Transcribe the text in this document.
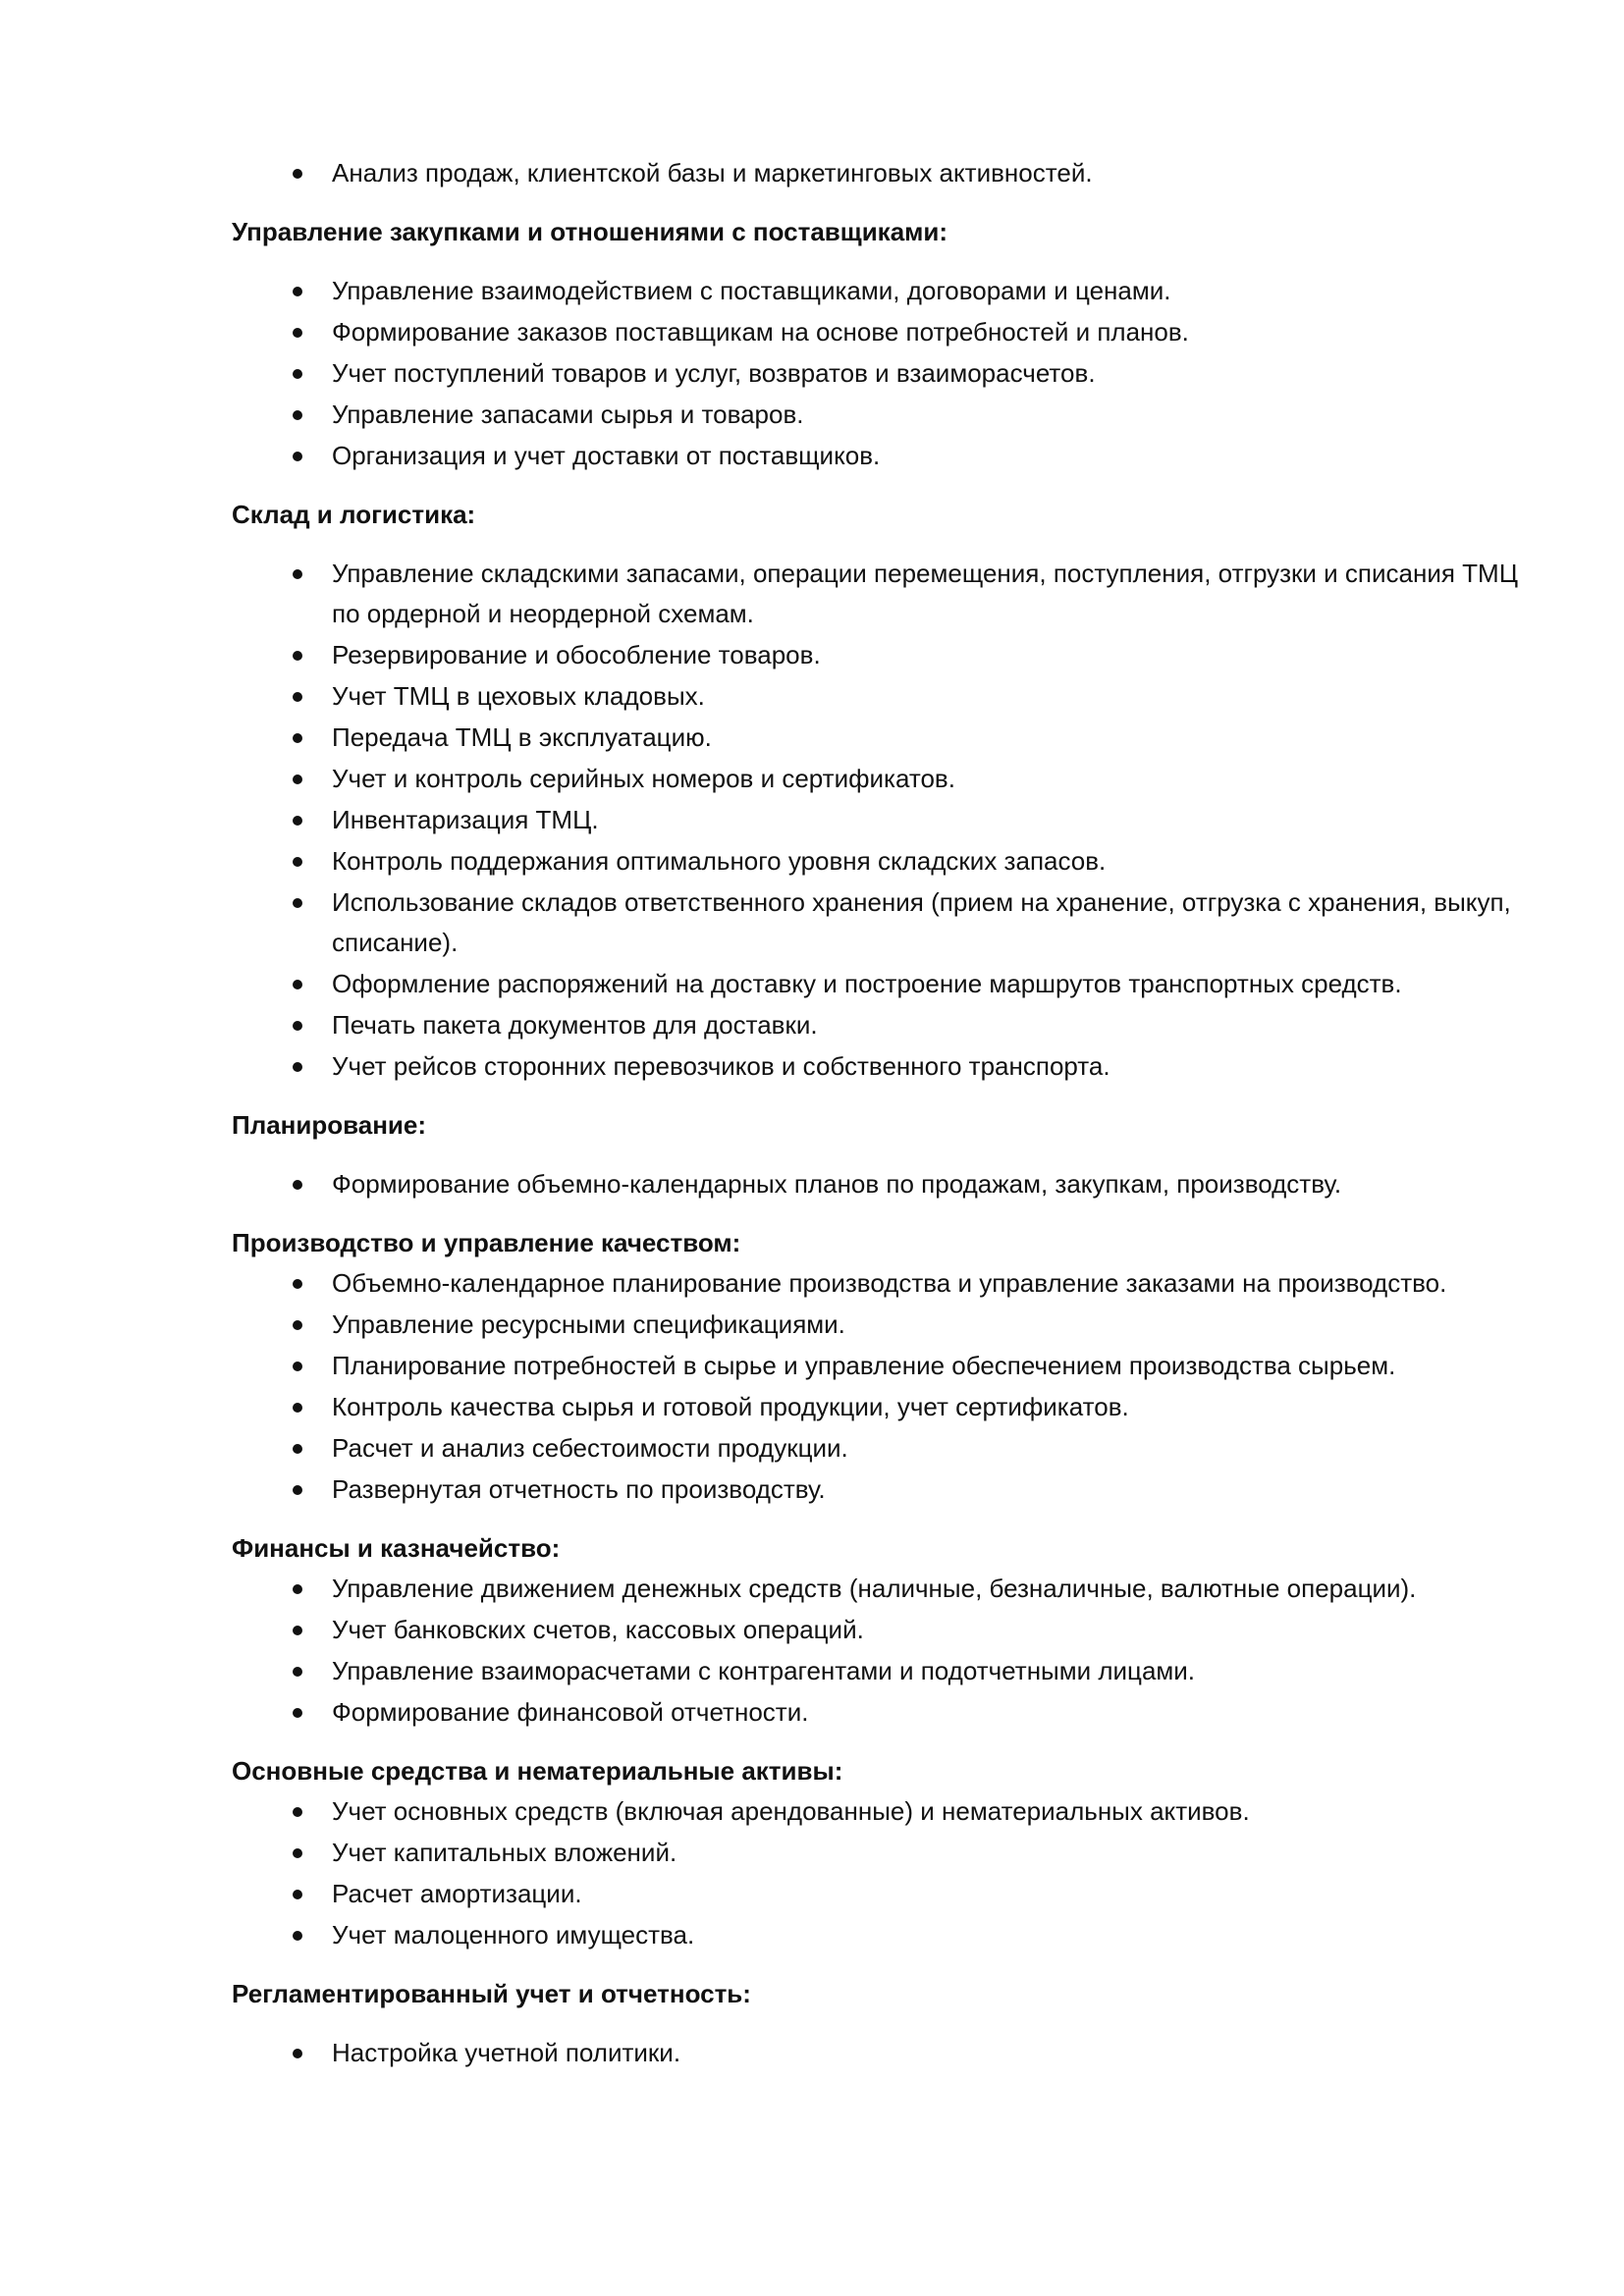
Анализ продаж, клиентской базы и маркетинговых активностей.
Управление закупками и отношениями с поставщиками:
Управление взаимодействием с поставщиками, договорами и ценами.
Формирование заказов поставщикам на основе потребностей и планов.
Учет поступлений товаров и услуг, возвратов и взаиморасчетов.
Управление запасами сырья и товаров.
Организация и учет доставки от поставщиков.
Склад и логистика:
Управление складскими запасами, операции перемещения, поступления, отгрузки и списания ТМЦ по ордерной и неордерной схемам.
Резервирование и обособление товаров.
Учет ТМЦ в цеховых кладовых.
Передача ТМЦ в эксплуатацию.
Учет и контроль серийных номеров и сертификатов.
Инвентаризация ТМЦ.
Контроль поддержания оптимального уровня складских запасов.
Использование складов ответственного хранения (прием на хранение, отгрузка с хранения, выкуп, списание).
Оформление распоряжений на доставку и построение маршрутов транспортных средств.
Печать пакета документов для доставки.
Учет рейсов сторонних перевозчиков и собственного транспорта.
Планирование:
Формирование объемно-календарных планов по продажам, закупкам, производству.
Производство и управление качеством:
Объемно-календарное планирование производства и управление заказами на производство.
Управление ресурсными спецификациями.
Планирование потребностей в сырье и управление обеспечением производства сырьем.
Контроль качества сырья и готовой продукции, учет сертификатов.
Расчет и анализ себестоимости продукции.
Развернутая отчетность по производству.
Финансы и казначейство:
Управление движением денежных средств (наличные, безналичные, валютные операции).
Учет банковских счетов, кассовых операций.
Управление взаиморасчетами с контрагентами и подотчетными лицами.
Формирование финансовой отчетности.
Основные средства и нематериальные активы:
Учет основных средств (включая арендованные) и нематериальных активов.
Учет капитальных вложений.
Расчет амортизации.
Учет малоценного имущества.
Регламентированный учет и отчетность:
Настройка учетной политики.
